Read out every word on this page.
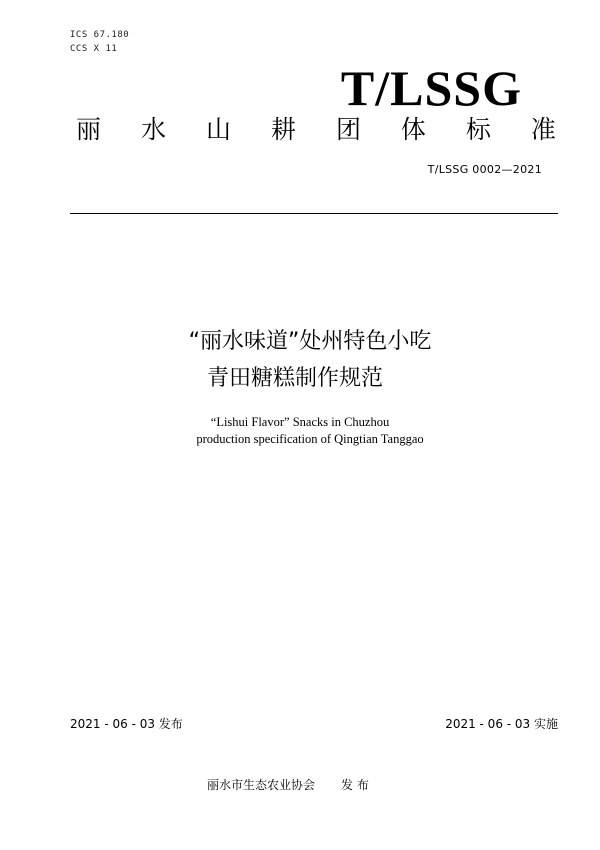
ICS 67.180
CCS X 11
T/LSSG
丽 水 山 耕 团 体 标 准
T/LSSG 0002—2021
“丽水味道”处州特色小吃
青田糖糕制作规范
“Lishui Flavor” Snacks in Chuzhou
production specification of Qingtian Tanggao
2021 - 06 - 03 发布	2021 - 06 - 03 实施
丽水市生态农业协会 发 布
